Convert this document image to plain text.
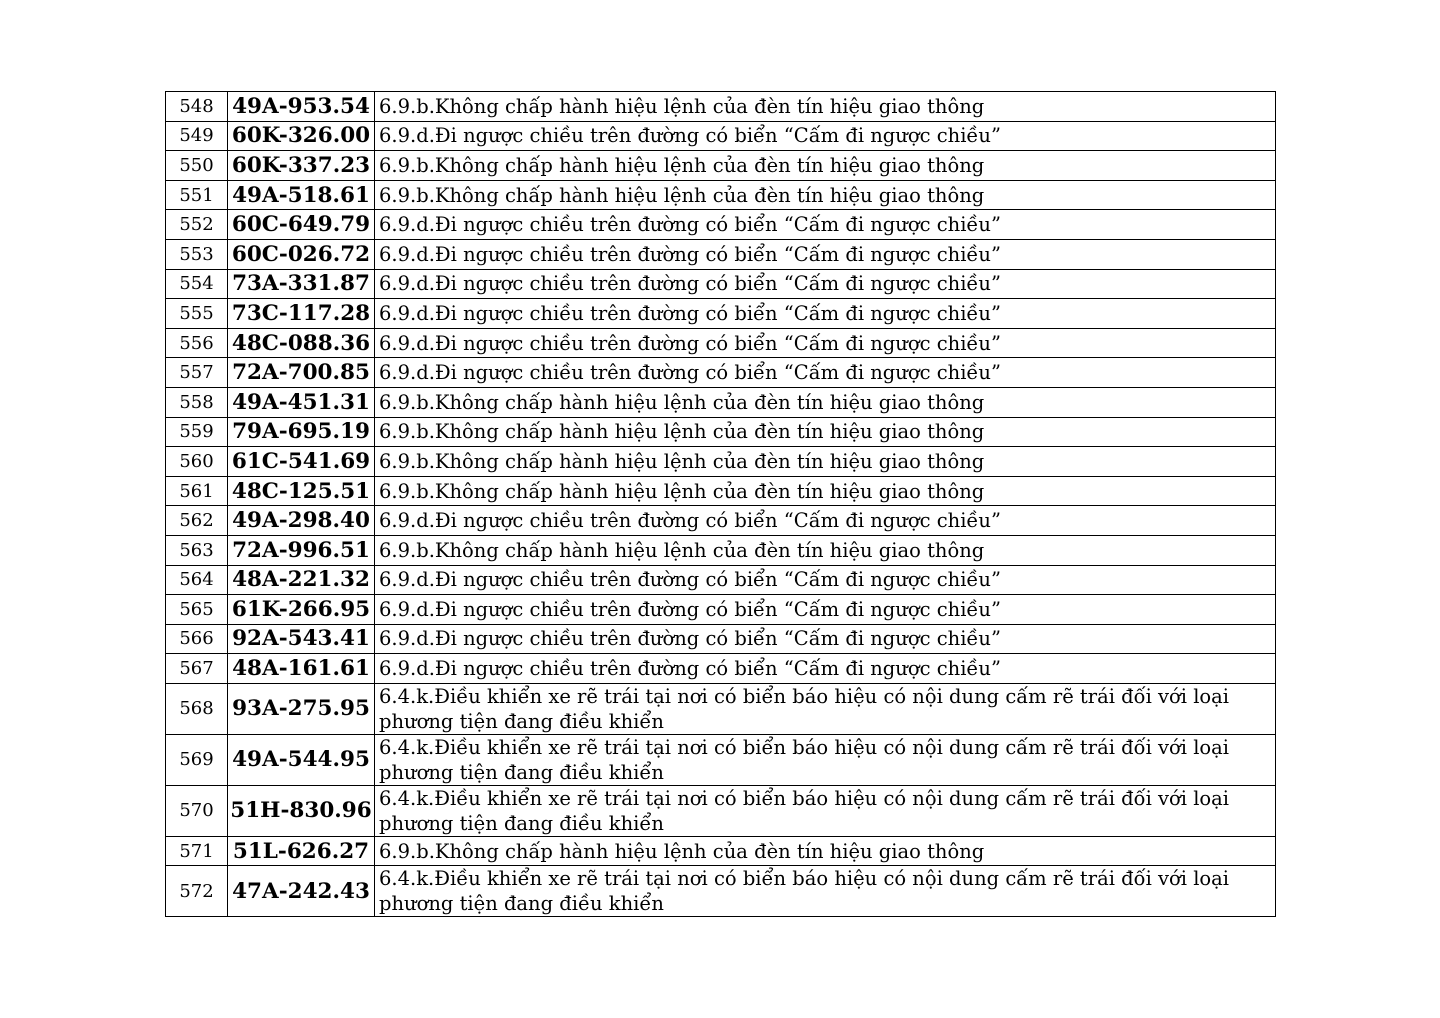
548	49A-953.54	6.9.b.Không chấp hành hiệu lệnh của đèn tín hiệu giao thông
549	60K-326.00	6.9.d.Đi ngược chiều trên đường có biển “Cấm đi ngược chiều”
550	60K-337.23	6.9.b.Không chấp hành hiệu lệnh của đèn tín hiệu giao thông
551	49A-518.61	6.9.b.Không chấp hành hiệu lệnh của đèn tín hiệu giao thông
552	60C-649.79	6.9.d.Đi ngược chiều trên đường có biển “Cấm đi ngược chiều”
553	60C-026.72	6.9.d.Đi ngược chiều trên đường có biển “Cấm đi ngược chiều”
554	73A-331.87	6.9.d.Đi ngược chiều trên đường có biển “Cấm đi ngược chiều”
555	73C-117.28	6.9.d.Đi ngược chiều trên đường có biển “Cấm đi ngược chiều”
556	48C-088.36	6.9.d.Đi ngược chiều trên đường có biển “Cấm đi ngược chiều”
557	72A-700.85	6.9.d.Đi ngược chiều trên đường có biển “Cấm đi ngược chiều”
558	49A-451.31	6.9.b.Không chấp hành hiệu lệnh của đèn tín hiệu giao thông
559	79A-695.19	6.9.b.Không chấp hành hiệu lệnh của đèn tín hiệu giao thông
560	61C-541.69	6.9.b.Không chấp hành hiệu lệnh của đèn tín hiệu giao thông
561	48C-125.51	6.9.b.Không chấp hành hiệu lệnh của đèn tín hiệu giao thông
562	49A-298.40	6.9.d.Đi ngược chiều trên đường có biển “Cấm đi ngược chiều”
563	72A-996.51	6.9.b.Không chấp hành hiệu lệnh của đèn tín hiệu giao thông
564	48A-221.32	6.9.d.Đi ngược chiều trên đường có biển “Cấm đi ngược chiều”
565	61K-266.95	6.9.d.Đi ngược chiều trên đường có biển “Cấm đi ngược chiều”
566	92A-543.41	6.9.d.Đi ngược chiều trên đường có biển “Cấm đi ngược chiều”
567	48A-161.61	6.9.d.Đi ngược chiều trên đường có biển “Cấm đi ngược chiều”
568	93A-275.95	6.4.k.Điều khiển xe rẽ trái tại nơi có biển báo hiệu có nội dung cấm rẽ trái đối với loại phương tiện đang điều khiển
569	49A-544.95	6.4.k.Điều khiển xe rẽ trái tại nơi có biển báo hiệu có nội dung cấm rẽ trái đối với loại phương tiện đang điều khiển
570	51H-830.96	6.4.k.Điều khiển xe rẽ trái tại nơi có biển báo hiệu có nội dung cấm rẽ trái đối với loại phương tiện đang điều khiển
571	51L-626.27	6.9.b.Không chấp hành hiệu lệnh của đèn tín hiệu giao thông
572	47A-242.43	6.4.k.Điều khiển xe rẽ trái tại nơi có biển báo hiệu có nội dung cấm rẽ trái đối với loại phương tiện đang điều khiển
